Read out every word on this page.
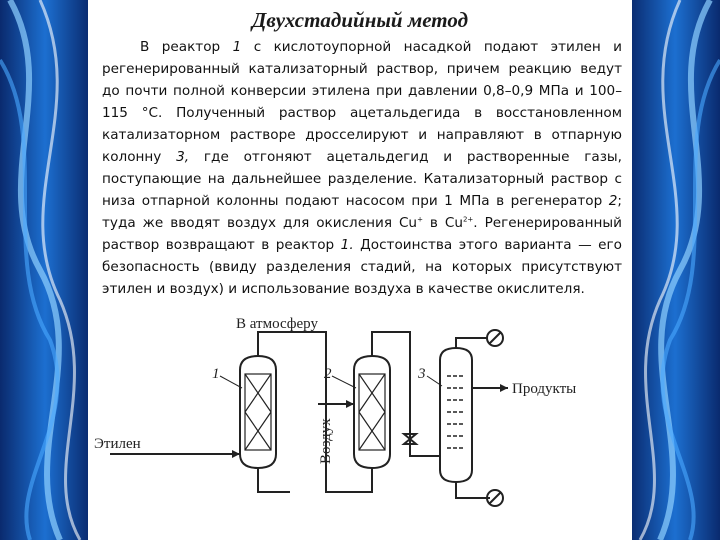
Двухстадийный метод

В реактор 1 с кислотоупорной насадкой подают этилен и регенерированный катализаторный раствор, причем реакцию ведут до почти полной конверсии этилена при давлении 0,8–0,9 МПа и 100–115 °С. Полученный раствор ацетальдегида в восстановленном катализаторном растворе дросселируют и направляют в отпарную колонну 3, где отгоняют ацетальдегид и растворенные газы, поступающие на дальнейшее разделение. Катализаторный раствор с низа отпарной колонны подают насосом при 1 МПа в регенератор 2; туда же вводят воздух для окисления Cu+ в $Cu^{2+}$. Регенерированный раствор возвращают в реактор 1. Достоинства этого варианта — его безопасность (ввиду разделения стадий, на которых присутствуют этилен и воздух) и использование воздуха в качестве окислителя.

В атмосферу
Этилен
Продукты
Воздух
1	2	3
